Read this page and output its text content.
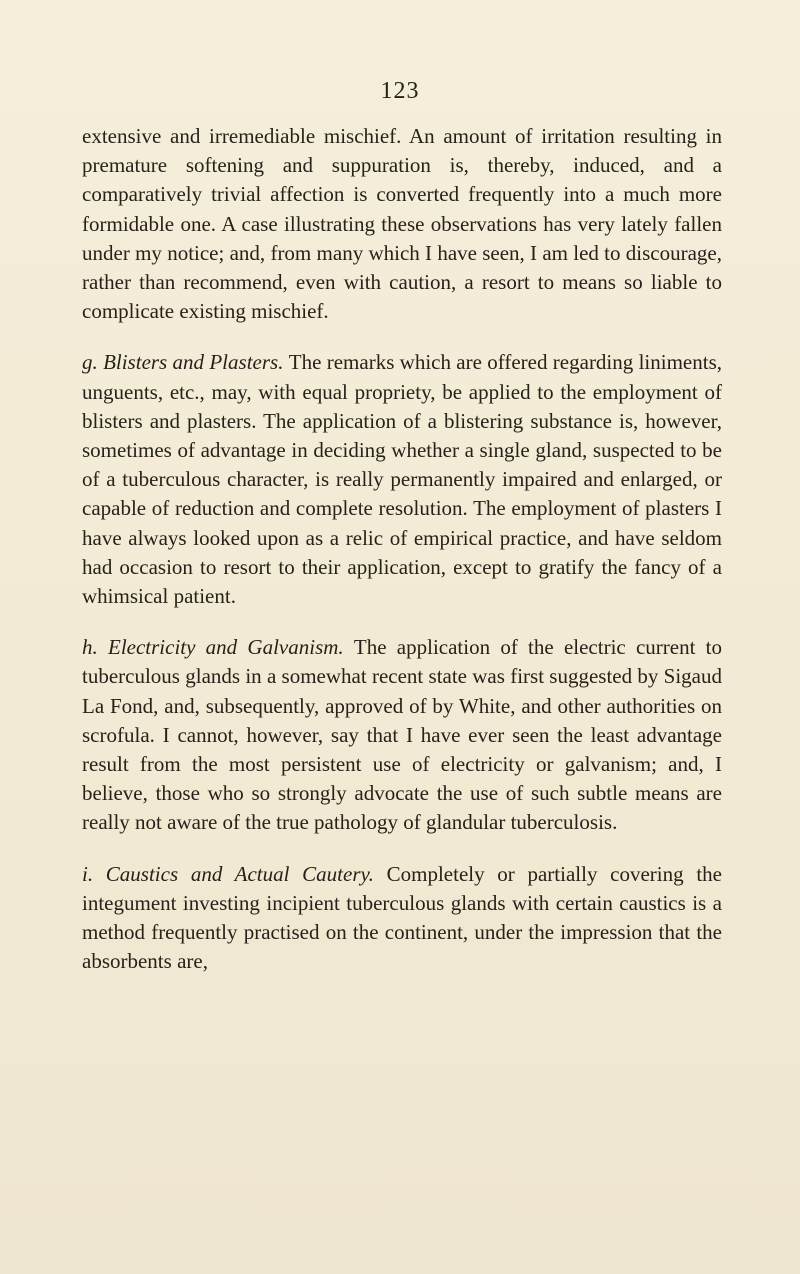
123

extensive and irremediable mischief. An amount of irritation resulting in premature softening and suppuration is, thereby, induced, and a comparatively trivial affection is converted frequently into a much more formidable one. A case illustrating these observations has very lately fallen under my notice; and, from many which I have seen, I am led to discourage, rather than recommend, even with caution, a resort to means so liable to complicate existing mischief.

g. Blisters and Plasters. The remarks which are offered regarding liniments, unguents, etc., may, with equal propriety, be applied to the employment of blisters and plasters. The application of a blistering substance is, however, sometimes of advantage in deciding whether a single gland, suspected to be of a tuberculous character, is really permanently impaired and enlarged, or capable of reduction and complete resolution. The employment of plasters I have always looked upon as a relic of empirical practice, and have seldom had occasion to resort to their application, except to gratify the fancy of a whimsical patient.

h. Electricity and Galvanism. The application of the electric current to tuberculous glands in a somewhat recent state was first suggested by Sigaud La Fond, and, subsequently, approved of by White, and other authorities on scrofula. I cannot, however, say that I have ever seen the least advantage result from the most persistent use of electricity or galvanism; and, I believe, those who so strongly advocate the use of such subtle means are really not aware of the true pathology of glandular tuberculosis.

i. Caustics and Actual Cautery. Completely or partially covering the integument investing incipient tuberculous glands with certain caustics is a method frequently practised on the continent, under the impression that the absorbents are,
